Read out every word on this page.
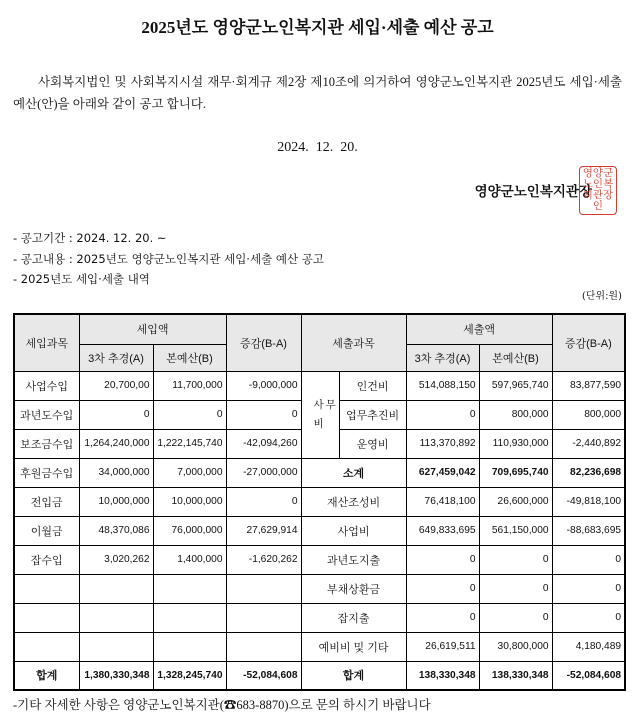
2025년도 영양군노인복지관 세입·세출 예산 공고

사회복지법인 및 사회복지시설 재무·회계규 제2장 제10조에 의거하여 영양군노인복지관 2025년도 세입·세출 예산(안)을 아래와 같이 공고 합니다.

2024.  12.  20.
영양군노인복지관장
영양군노인복지관장인
- 공고기간 : 2024. 12. 20. ~
- 공고내용 : 2025년도 영양군노인복지관 세입·세출 예산 공고
- 2025년도 세입·세출 내역
(단위:원)
세입과목	세입액		증감(B-A)	세출과목		세출액		증감(B-A)
	3차 추경(A)	본예산(B)				3차 추경(A)	본예산(B)	
사업수입	20,700,00	11,700,000	-9,000,000	사무비	인건비	514,088,150	597,965,740	83,877,590
과년도수입	0	0	0		업무추진비	0	800,000	800,000
보조금수입	1,264,240,000	1,222,145,740	-42,094,260		운영비	113,370,892	110,930,000	-2,440,892
후원금수입	34,000,000	7,000,000	-27,000,000	소계		627,459,042	709,695,740	82,236,698
전입금	10,000,000	10,000,000	0	재산조성비		76,418,100	26,600,000	-49,818,100
이월금	48,370,086	76,000,000	27,629,914	사업비		649,833,695	561,150,000	-88,683,695
잡수입	3,020,262	1,400,000	-1,620,262	과년도지출		0	0	0
				부채상환금		0	0	0
				잡지출		0	0	0
				예비비 및 기타		26,619,511	30,800,000	4,180,489
합계	1,380,330,348	1,328,245,740	-52,084,608	합계		138,330,348	138,330,348	-52,084,608
-기타 자세한 사항은 영양군노인복지관(☎683-8870)으로 문의 하시기 바랍니다
